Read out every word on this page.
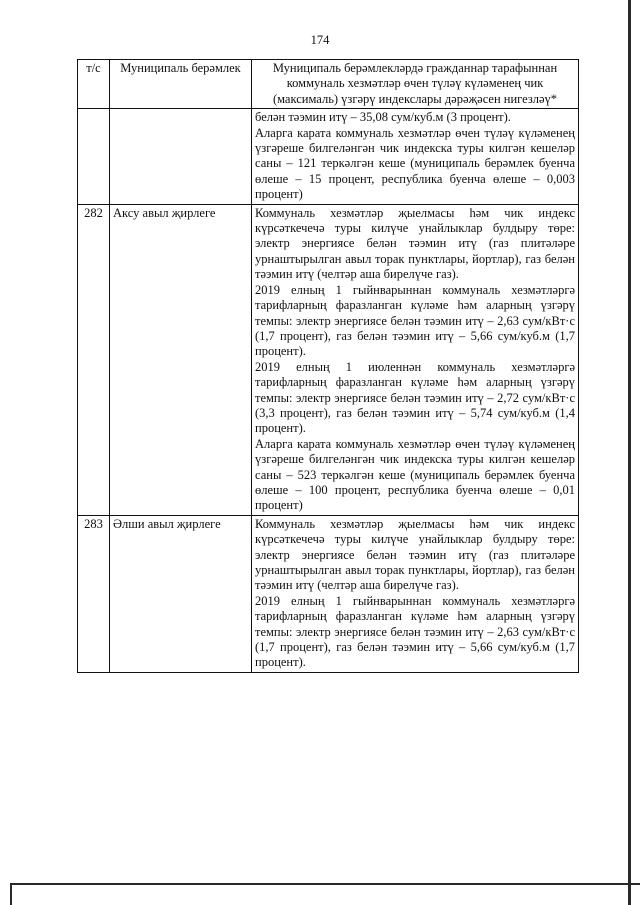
174
т/с	Муниципаль берәмлек	Муниципаль берәмлекләрдә гражданнар тарафыннан коммуналь хезмәтләр өчен түләү күләменең чик (максималь) үзгәрү индекслары дәрәҗәсен нигезләү*

		белән тәэмин итү – 35,08 сум/куб.м (3 процент).
Аларга карата коммуналь хезмәтләр өчен түләү күләменең үзгәреше билгеләнгән чик индекска туры килгән кешеләр саны – 121 теркәлгән кеше (муниципаль берәмлек буенча өлеше – 15 процент, республика буенча өлеше – 0,003 процент)

282	Аксу авыл җирлеге	Коммуналь хезмәтләр җыелмасы һәм чик индекс күрсәткечечә туры килүче унайлыклар булдыру төре: электр энергиясе белән тәэмин итү (газ плитәләре урнаштырылган авыл торак пунктлары, йортлар), газ белән тәэмин итү (челтәр аша бирелүче газ).
2019 елның 1 гыйнварыннан коммуналь хезмәтләргә тарифларның фаразланган күләме һәм аларның үзгәрү темпы: электр энергиясе белән тәэмин итү – 2,63 сум/кВт·с (1,7 процент), газ белән тәэмин итү – 5,66 сум/куб.м (1,7 процент).
2019 елның 1 июленнән коммуналь хезмәтләргә тарифларның фаразланган күләме һәм аларның үзгәрү темпы: электр энергиясе белән тәэмин итү – 2,72 сум/кВт·с (3,3 процент), газ белән тәэмин итү – 5,74 сум/куб.м (1,4 процент).
Аларга карата коммуналь хезмәтләр өчен түләү күләменең үзгәреше билгеләнгән чик индекска туры килгән кешеләр саны – 523 теркәлгән кеше (муниципаль берәмлек буенча өлеше – 100 процент, республика буенча өлеше – 0,01 процент)

283	Әлши авыл җирлеге	Коммуналь хезмәтләр җыелмасы һәм чик индекс күрсәткечечә туры килүче унайлыклар булдыру төре: электр энергиясе белән тәэмин итү (газ плитәләре урнаштырылган авыл торак пунктлары, йортлар), газ белән тәэмин итү (челтәр аша бирелүче газ).
2019 елның 1 гыйнварыннан коммуналь хезмәтләргә тарифларның фаразланган күләме һәм аларның үзгәрү темпы: электр энергиясе белән тәэмин итү – 2,63 сум/кВт·с (1,7 процент), газ белән тәэмин итү – 5,66 сум/куб.м (1,7 процент).
